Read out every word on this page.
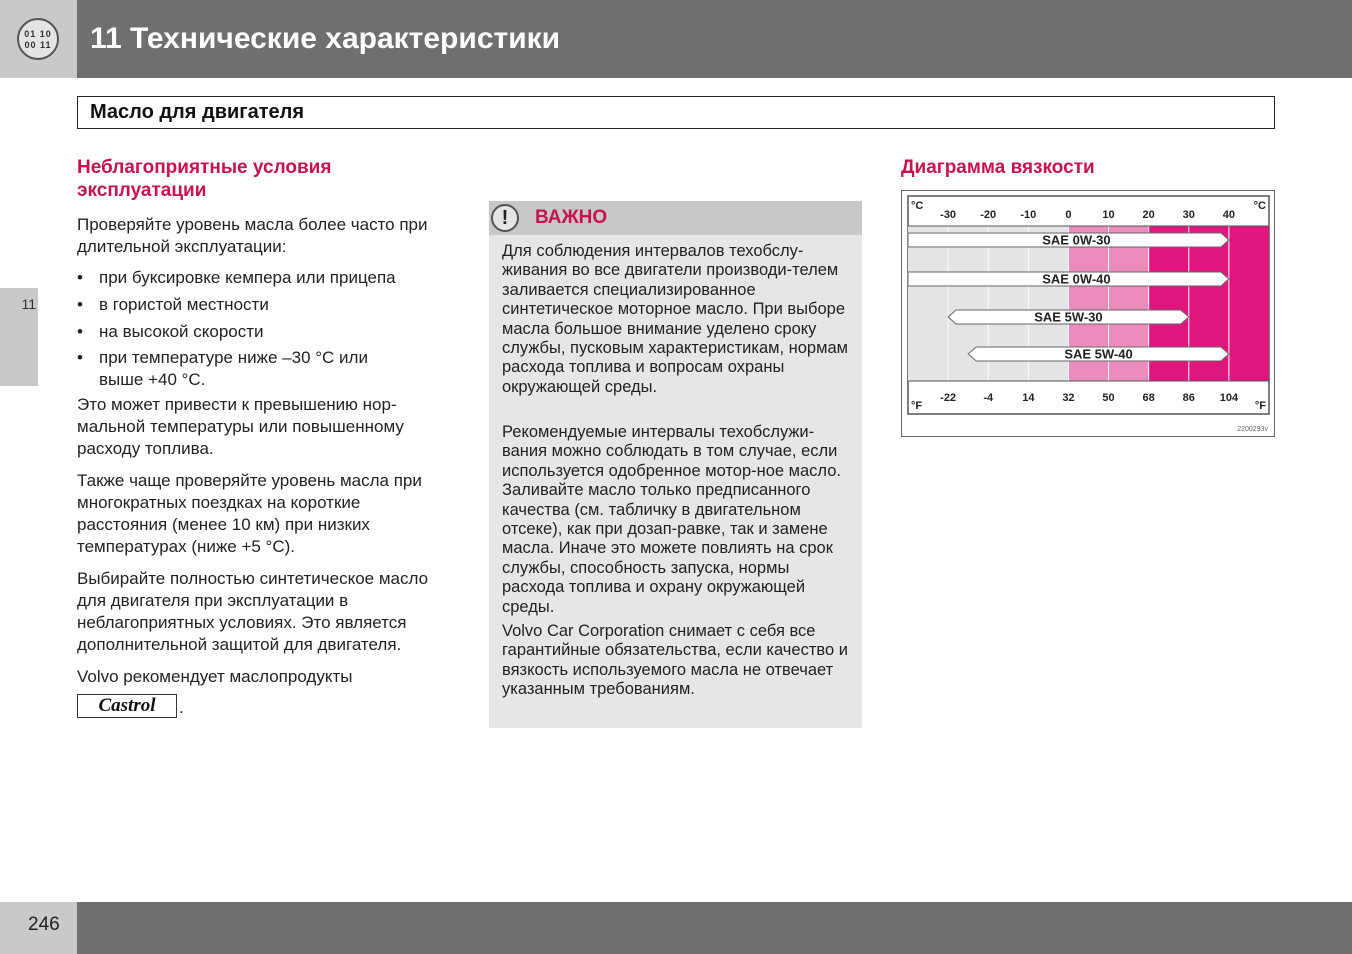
01 10
00 11 11 Технические характеристики
Масло для двигателя
11
Неблагоприятные условия
эксплуатации

Проверяйте уровень масла более часто при длительной эксплуатации:

• при буксировке кемпера или прицепа
• в гористой местности
• на высокой скорости
• при температуре ниже –30 °C или выше +40 °C.

Это может привести к превышению нор-мальной температуры или повышенному расходу топлива.

Также чаще проверяйте уровень масла при многократных поездках на короткие расстояния (менее 10 км) при низких температурах (ниже +5 °C).

Выбирайте полностью синтетическое масло для двигателя при эксплуатации в неблагоприятных условиях. Это является дополнительной защитой для двигателя.

Volvo рекомендует маслопродукты

Castrol	.
!	ВАЖНО
Для соблюдения интервалов техобслу-живания во все двигатели производи-телем заливается специализированное синтетическое моторное масло. При выборе масла большое внимание уделено сроку службы, пусковым характеристикам, нормам расхода топлива и вопросам охраны окружающей среды.
Рекомендуемые интервалы техобслужи-вания можно соблюдать в том случае, если используется одобренное мотор-ное масло. Заливайте масло только предписанного качества (см. табличку в двигательном отсеке), как при дозап-равке, так и замене масла. Иначе это можете повлиять на срок службы, способность запуска, нормы расхода топлива и охрану окружающей среды.
Volvo Car Corporation снимает с себя все гарантийные обязательства, если качество и вязкость используемого масла не отвечает указанным требованиям.
Диаграмма вязкости
-30 -20 -10	0	10	20	30	40
-22 -4	14	32	50	68	86 104
°C	°C
°F	°F
SAE 0W-30
SAE 0W-40
SAE 5W-30
SAE 5W-40
2200293v
246
